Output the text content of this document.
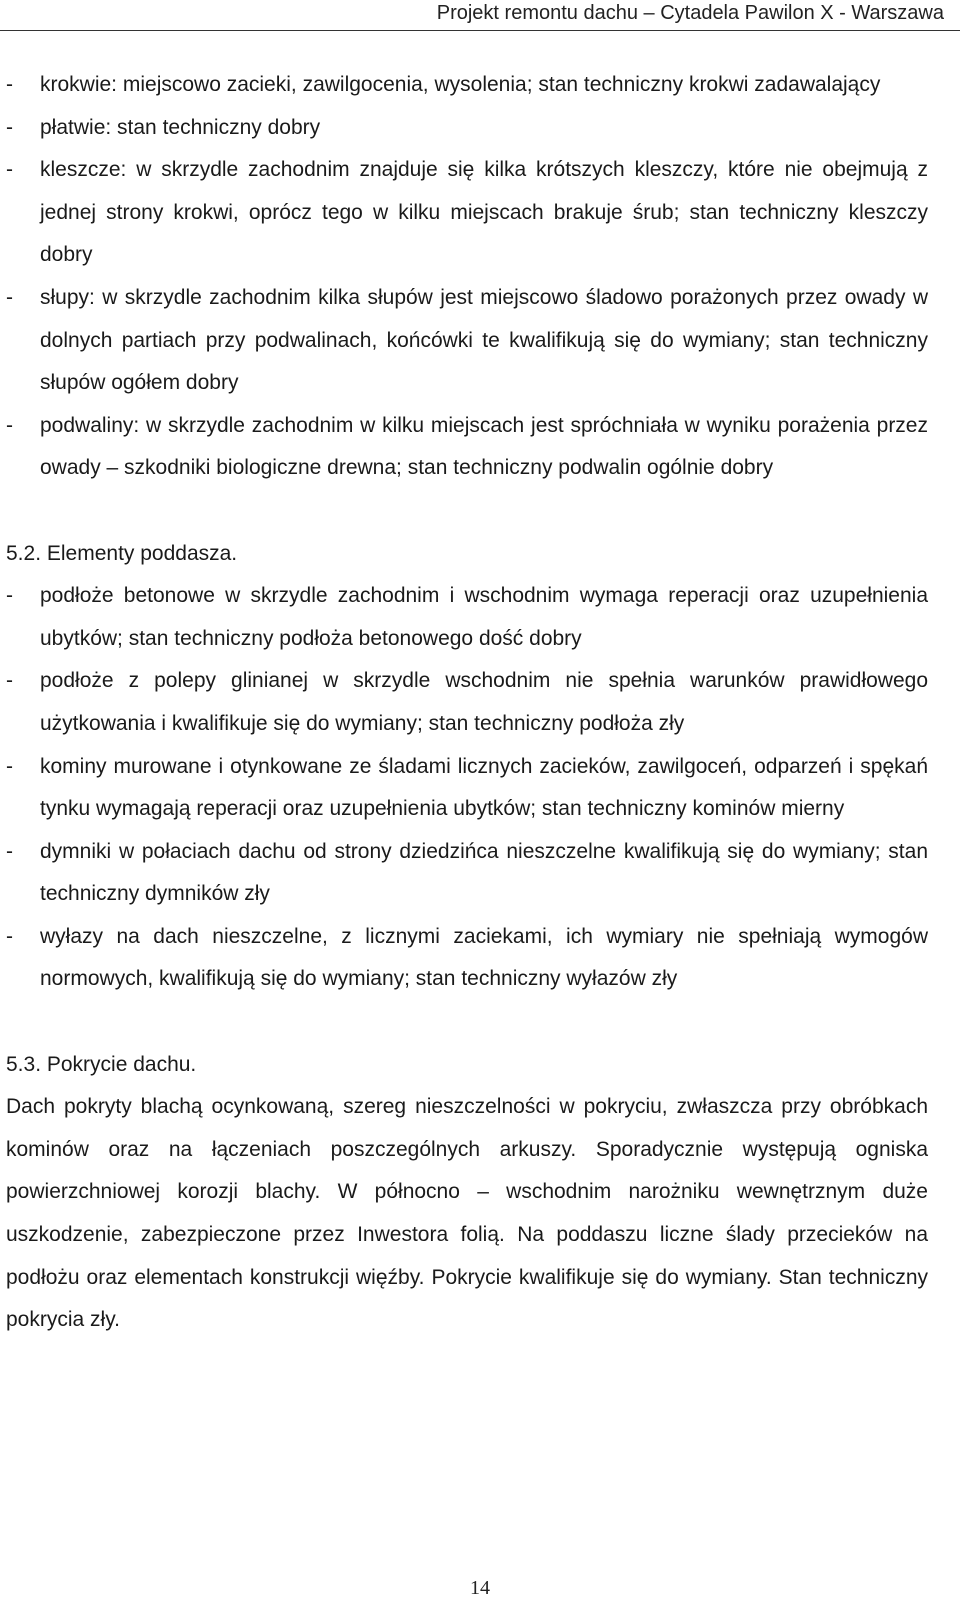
Projekt remontu dachu – Cytadela Pawilon X - Warszawa
- krokwie: miejscowo zacieki, zawilgocenia, wysolenia; stan techniczny krokwi zadawalający
- płatwie: stan techniczny dobry
- kleszcze: w skrzydle zachodnim znajduje się kilka krótszych kleszczy, które nie obejmują z jednej strony krokwi, oprócz tego w kilku miejscach brakuje śrub; stan techniczny kleszczy dobry
- słupy: w skrzydle zachodnim kilka słupów jest miejscowo śladowo porażonych przez owady w dolnych partiach przy podwalinach, końcówki te kwalifikują się do wymiany; stan techniczny słupów ogółem dobry
- podwaliny: w skrzydle zachodnim w kilku miejscach jest spróchniała w wyniku porażenia przez owady – szkodniki biologiczne drewna; stan techniczny podwalin ogólnie dobry
5.2. Elementy poddasza.
- podłoże betonowe w skrzydle zachodnim i wschodnim wymaga reperacji oraz uzupełnienia ubytków; stan techniczny podłoża betonowego dość dobry
- podłoże z polepy glinianej w skrzydle wschodnim nie spełnia warunków prawidłowego użytkowania i kwalifikuje się do wymiany; stan techniczny podłoża zły
- kominy murowane i otynkowane ze śladami licznych zacieków, zawilgoceń, odparzeń i spękań tynku wymagają reperacji oraz uzupełnienia ubytków; stan techniczny kominów mierny
- dymniki w połaciach dachu od strony dziedzińca nieszczelne kwalifikują się do wymiany; stan techniczny dymników zły
- wyłazy na dach nieszczelne, z licznymi zaciekami, ich wymiary nie spełniają wymogów normowych, kwalifikują się do wymiany; stan techniczny wyłazów zły
5.3. Pokrycie dachu.
Dach pokryty blachą ocynkowaną, szereg nieszczelności w pokryciu, zwłaszcza przy obróbkach kominów oraz na łączeniach poszczególnych arkuszy. Sporadycznie występują ogniska powierzchniowej korozji blachy. W północno – wschodnim narożniku wewnętrznym duże uszkodzenie, zabezpieczone przez Inwestora folią. Na poddaszu liczne ślady przecieków na podłożu oraz elementach konstrukcji więźby. Pokrycie kwalifikuje się do wymiany. Stan techniczny pokrycia zły.
14
